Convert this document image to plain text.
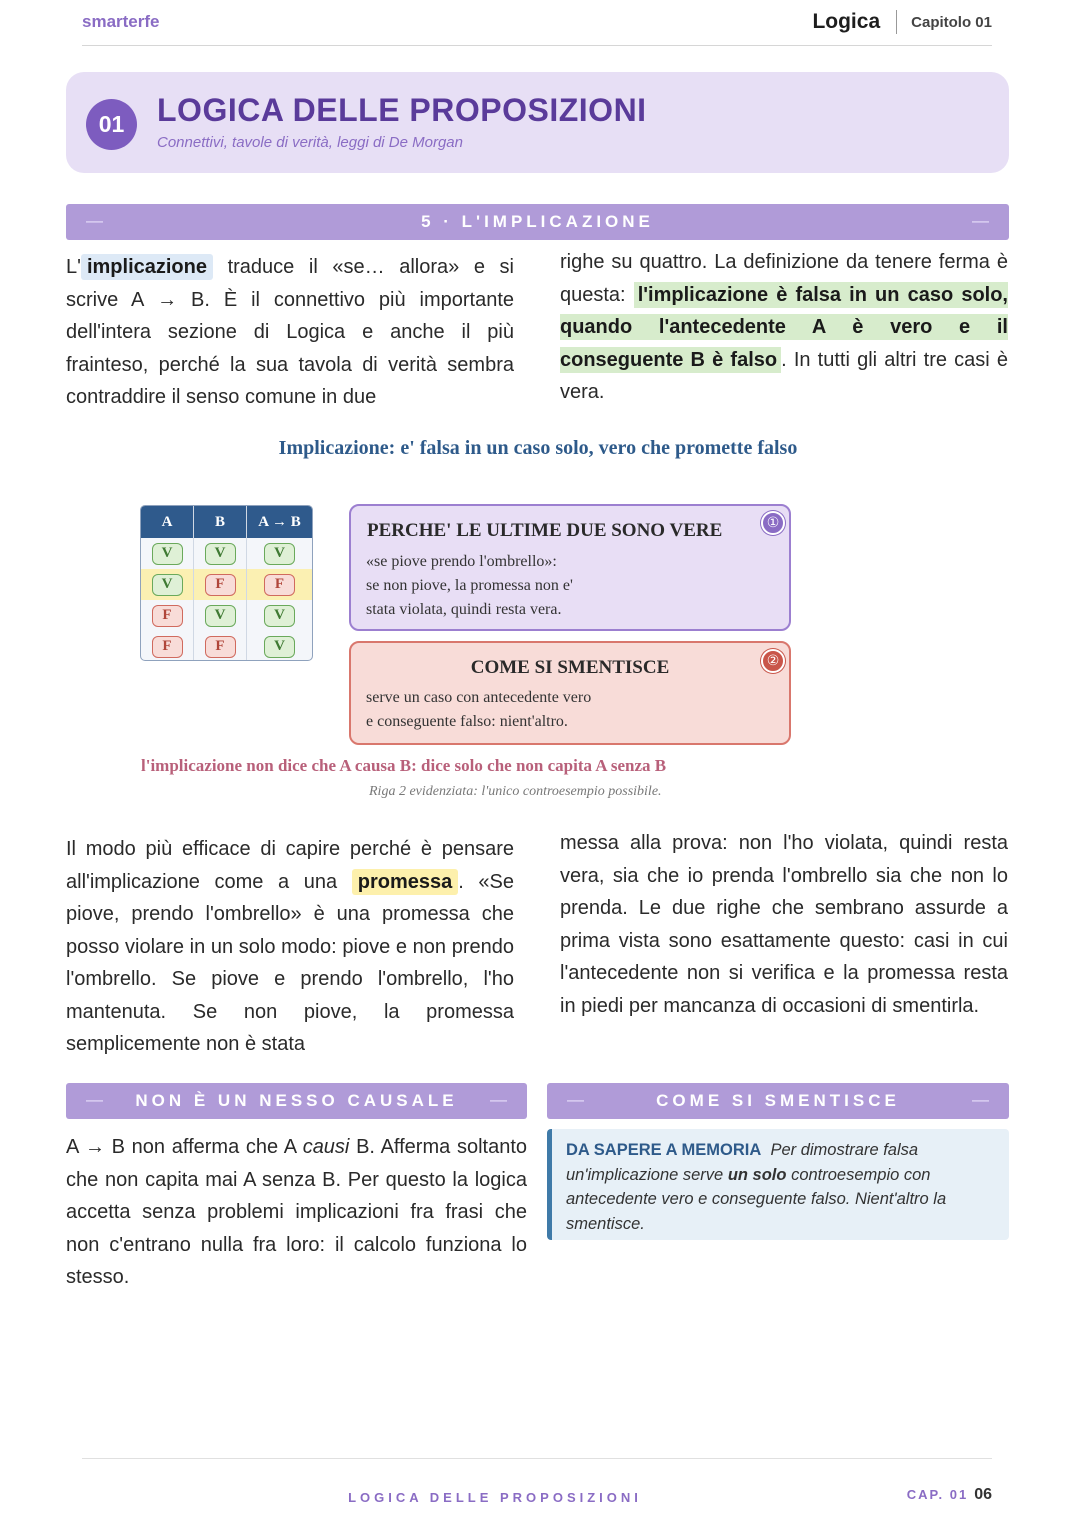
smarterfe	Logica Capitolo 01
01	LOGICA DELLE PROPOSIZIONI
Connettivi, tavole di verità, leggi di De Morgan
—	5 · L'IMPLICAZIONE	—
L' implicazione traduce il «se… allora» e si scrive A → B. È il connettivo più importante dell'intera sezione di Logica e anche il più frainteso, perché la sua tavola di verità sembra contraddire il senso comune in due
righe su quattro. La definizione da tenere ferma è questa: l'implicazione è falsa in un caso solo, quando l'antecedente A è vero e il conseguente B è falso . In tutti gli altri tre casi è vera.
Implicazione: e' falsa in un caso solo, vero che promette falso
A	B	A → B
V	V	V
V	F	F
F	V	V
F	F	V
PERCHE' LE ULTIME DUE SONO VERE	①
«se piove prendo l'ombrello»:
se non piove, la promessa non e'
stata violata, quindi resta vera.
COME SI SMENTISCE	②
serve un caso con antecedente vero
e conseguente falso: nient'altro.
l'implicazione non dice che A causa B: dice solo che non capita A senza B
Riga 2 evidenziata: l'unico controesempio possibile.
Il modo più efficace di capire perché è pensare all'implicazione come a una promessa . «Se piove, prendo l'ombrello» è una promessa che posso violare in un solo modo: piove e non prendo l'ombrello. Se piove e prendo l'ombrello, l'ho mantenuta. Se non piove, la promessa semplicemente non è stata
messa alla prova: non l'ho violata, quindi resta vera, sia che io prenda l'ombrello sia che non lo prenda. Le due righe che sembrano assurde a prima vista sono esattamente questo: casi in cui l'antecedente non si verifica e la promessa resta in piedi per mancanza di occasioni di smentirla.
— NON È UN NESSO CAUSALE —	—	COME SI SMENTISCE	—
A → B non afferma che A causi B. Afferma soltanto che non capita mai A senza B. Per questo la logica accetta senza problemi implicazioni fra frasi che non c'entrano nulla fra loro: il calcolo funziona lo stesso.
DA SAPERE A MEMORIA Per dimostrare falsa un'implicazione serve un solo controesempio con antecedente vero e conseguente falso. Nient'altro la smentisce.
LOGICA DELLE PROPOSIZIONI	CAP. 01 06
